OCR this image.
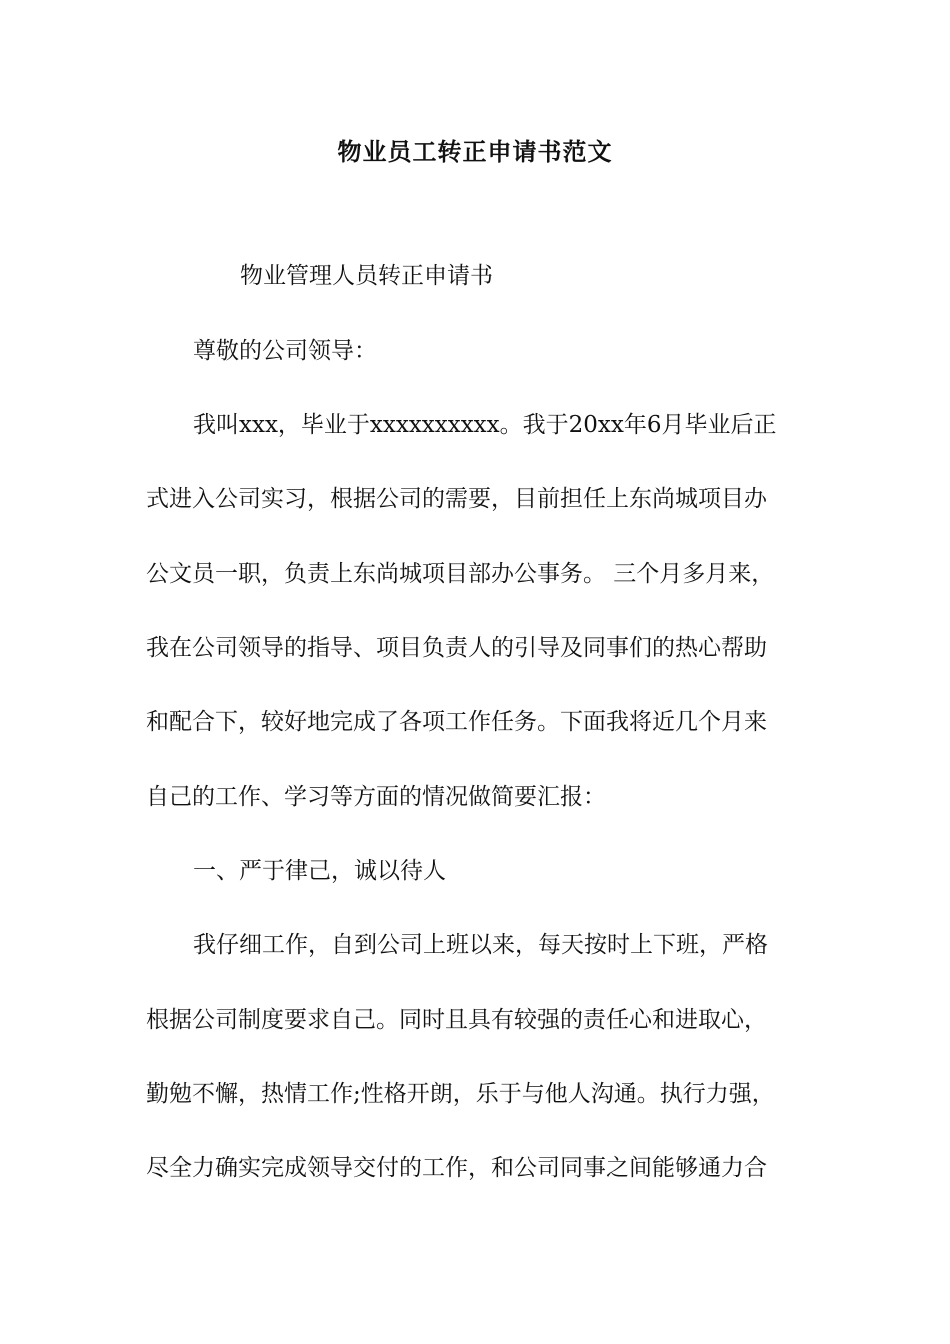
物业员工转正申请书范文

物业管理人员转正申请书

尊敬的公司领导：

我叫xxx，毕业于xxxxxxxxxx。我于20xx年6月毕业后正

式进入公司实习，根据公司的需要，目前担任上东尚城项目办

公文员一职，负责上东尚城项目部办公事务。 三个月多月来，

我在公司领导的指导、项目负责人的引导及同事们的热心帮助

和配合下，较好地完成了各项工作任务。下面我将近几个月来

自己的工作、学习等方面的情况做简要汇报：

一、严于律己，诚以待人

我仔细工作，自到公司上班以来，每天按时上下班，严格

根据公司制度要求自己。同时且具有较强的责任心和进取心，

勤勉不懈，热情工作;性格开朗，乐于与他人沟通。执行力强，

尽全力确实完成领导交付的工作，和公司同事之间能够通力合
